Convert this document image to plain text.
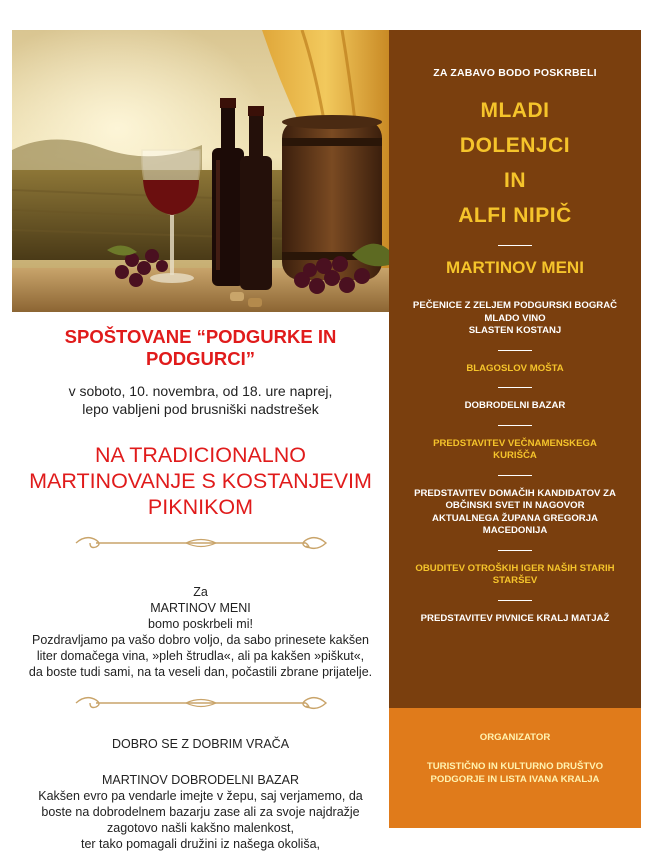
SPOŠTOVANE “PODGURKE IN PODGURCI”
v soboto, 10. novembra, od 18. ure naprej,
lepo vabljeni pod brusniški nadstrešek
NA TRADICIONALNO
MARTINOVANJE S KOSTANJEVIM
PIKNIKOM
Za
MARTINOV MENI
bomo poskrbeli mi!
Pozdravljamo pa vašo dobro voljo, da sabo prinesete kakšen
liter domačega vina, »pleh štrudla«, ali pa kakšen »piškut«,
da boste tudi sami, na ta veseli dan, počastili zbrane prijatelje.
DOBRO SE Z DOBRIM VRAČA
MARTINOV DOBRODELNI BAZAR
Kakšen evro pa vendarle imejte v žepu, saj verjamemo, da
boste na dobrodelnem bazarju zase ali za svoje najdražje
zagotovo našli kakšno malenkost,
ter tako pomagali družini iz našega okoliša,
ZA ZABAVO BODO POSKRBELI
MLADI
DOLENJCI
IN
ALFI NIPIČ
MARTINOV MENI
PEČENICE Z ZELJEM PODGURSKI BOGRAČ
MLADO VINO
SLASTEN KOSTANJ
BLAGOSLOV MOŠTA
DOBRODELNI BAZAR
PREDSTAVITEV VEČNAMENSKEGA KURIŠČA
PREDSTAVITEV DOMAČIH KANDIDATOV ZA OBČINSKI SVET IN NAGOVOR AKTUALNEGA ŽUPANA GREGORJA MACEDONIJA
OBUDITEV OTROŠKIH IGER NAŠIH STARIH STARŠEV
PREDSTAVITEV PIVNICE KRALJ MATJAŽ
ORGANIZATOR
TURISTIČNO IN KULTURNO DRUŠTVO PODGORJE IN LISTA IVANA KRALJA
